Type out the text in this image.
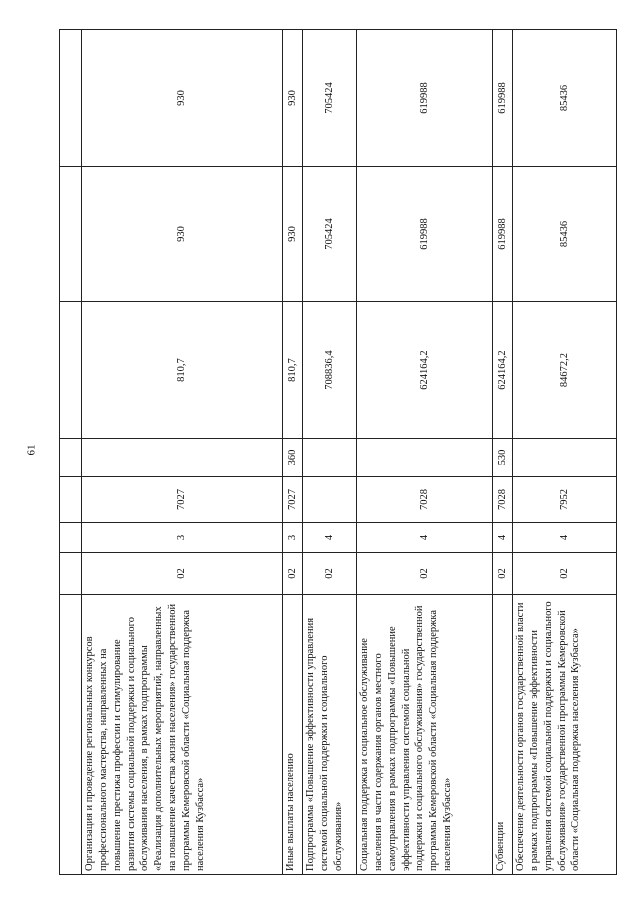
61

Организация и проведение региональных конкурсов профессионального мастерства, направленных на повышение престижа профессии и стимулирование развития системы социальной поддержки и социального обслуживания населения, в рамках подпрограммы «Реализация дополнительных мероприятий, направленных на повышение качества жизни населения» государственной программы Кемеровской области «Социальная поддержка населения Кузбасса»	02	3	7027		810,7	930	930
Иные выплаты населению	02	3	7027	360	810,7	930	930
Подпрограмма «Повышение эффективности управления системой социальной поддержки и социального обслуживания»	02	4			708836,4	705424	705424
Социальная поддержка и социальное обслуживание населения в части содержания органов местного самоуправления в рамках подпрограммы «Повышение эффективности управления системой социальной поддержки и социального обслуживания» государственной программы Кемеровской области «Социальная поддержка населения Кузбасса»	02	4	7028		624164,2	619988	619988
Субвенции	02	4	7028	530	624164,2	619988	619988
Обеспечение деятельности органов государственной власти в рамках подпрограммы «Повышение эффективности управления системой социальной поддержки и социального обслуживания» государственной программы Кемеровской области «Социальная поддержка населения Кузбасса»	02	4	7952		84672,2	85436	85436
